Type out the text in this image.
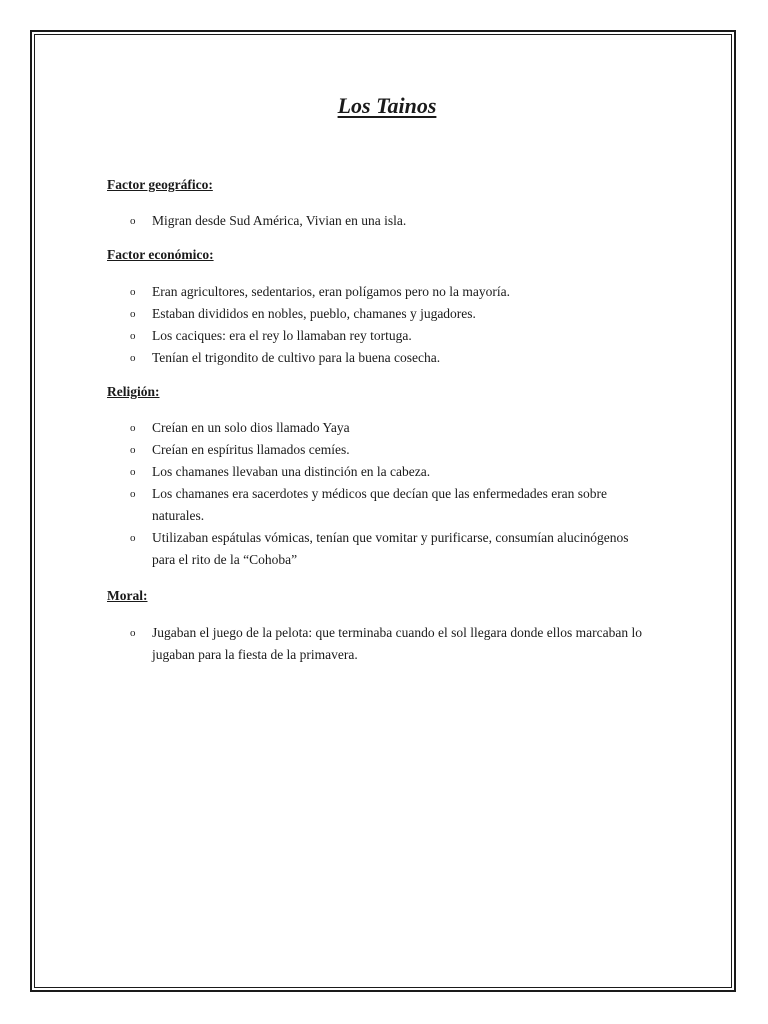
Los Tainos
Factor geográfico:
o Migran desde Sud América, Vivian en una isla.
Factor económico:
o Eran agricultores, sedentarios, eran polígamos pero no la mayoría.
o Estaban divididos en nobles, pueblo, chamanes y jugadores.
o Los caciques: era el rey lo llamaban rey tortuga.
o Tenían el trigondito de cultivo para la buena cosecha.
Religión:
o Creían en un solo dios llamado Yaya
o Creían en espíritus llamados cemíes.
o Los chamanes llevaban una distinción en la cabeza.
o Los chamanes era sacerdotes y médicos que decían que las enfermedades eran sobre naturales.
o Utilizaban espátulas vómicas, tenían que vomitar y purificarse, consumían alucinógenos para el rito de la “Cohoba”
Moral:
o Jugaban el juego de la pelota: que terminaba cuando el sol llegara donde ellos marcaban lo jugaban para la fiesta de la primavera.
